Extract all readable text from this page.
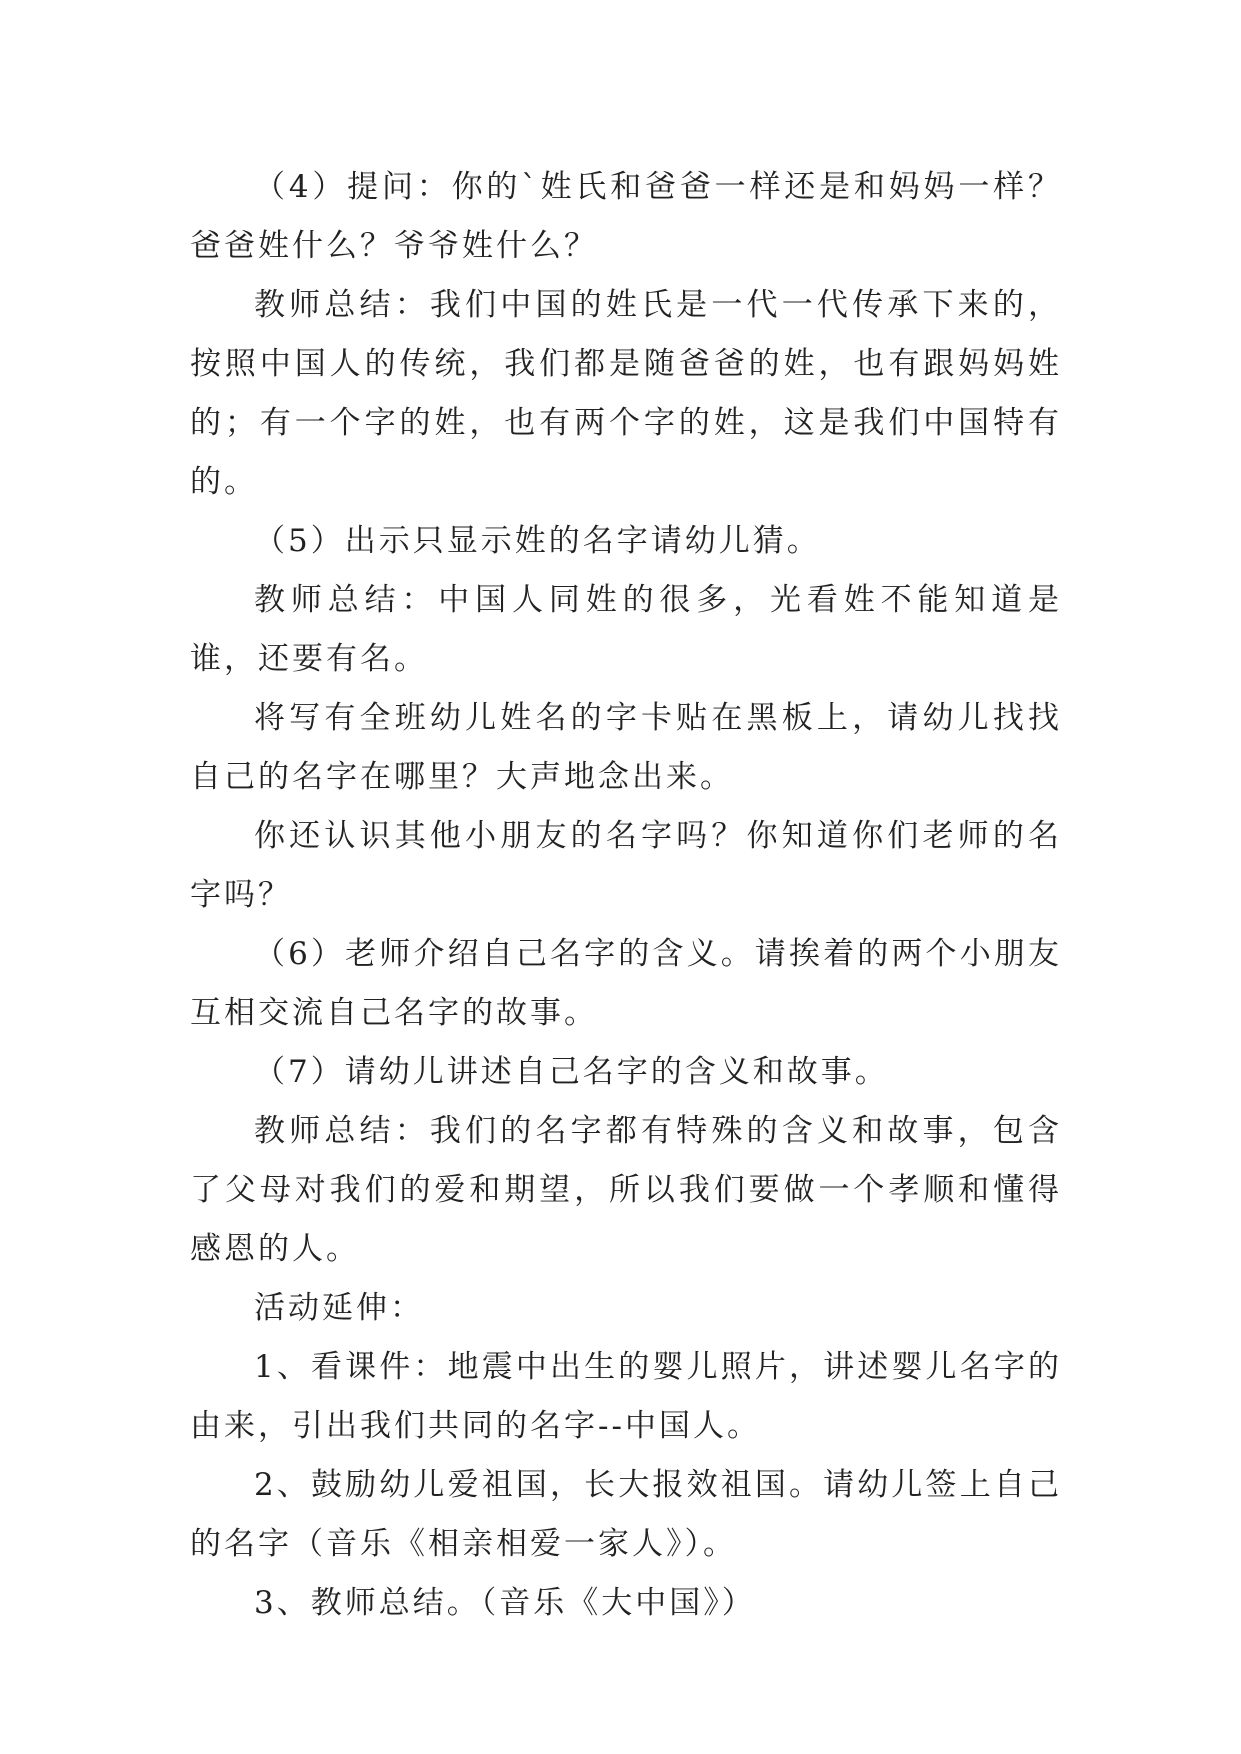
（4）提问：你的`姓氏和爸爸一样还是和妈妈一样？爸爸姓什么？爷爷姓什么？

教师总结：我们中国的姓氏是一代一代传承下来的，按照中国人的传统，我们都是随爸爸的姓，也有跟妈妈姓的；有一个字的姓，也有两个字的姓，这是我们中国特有的。

（5）出示只显示姓的名字请幼儿猜。

教师总结：中国人同姓的很多，光看姓不能知道是谁，还要有名。

将写有全班幼儿姓名的字卡贴在黑板上，请幼儿找找自己的名字在哪里？大声地念出来。

你还认识其他小朋友的名字吗？你知道你们老师的名字吗？

（6）老师介绍自己名字的含义。请挨着的两个小朋友互相交流自己名字的故事。

（7）请幼儿讲述自己名字的含义和故事。

教师总结：我们的名字都有特殊的含义和故事，包含了父母对我们的爱和期望，所以我们要做一个孝顺和懂得感恩的人。

活动延伸：

1、看课件：地震中出生的婴儿照片，讲述婴儿名字的由来，引出我们共同的名字--中国人。

2、鼓励幼儿爱祖国，长大报效祖国。请幼儿签上自己的名字（音乐《相亲相爱一家人》）。

3、教师总结。（音乐《大中国》）
